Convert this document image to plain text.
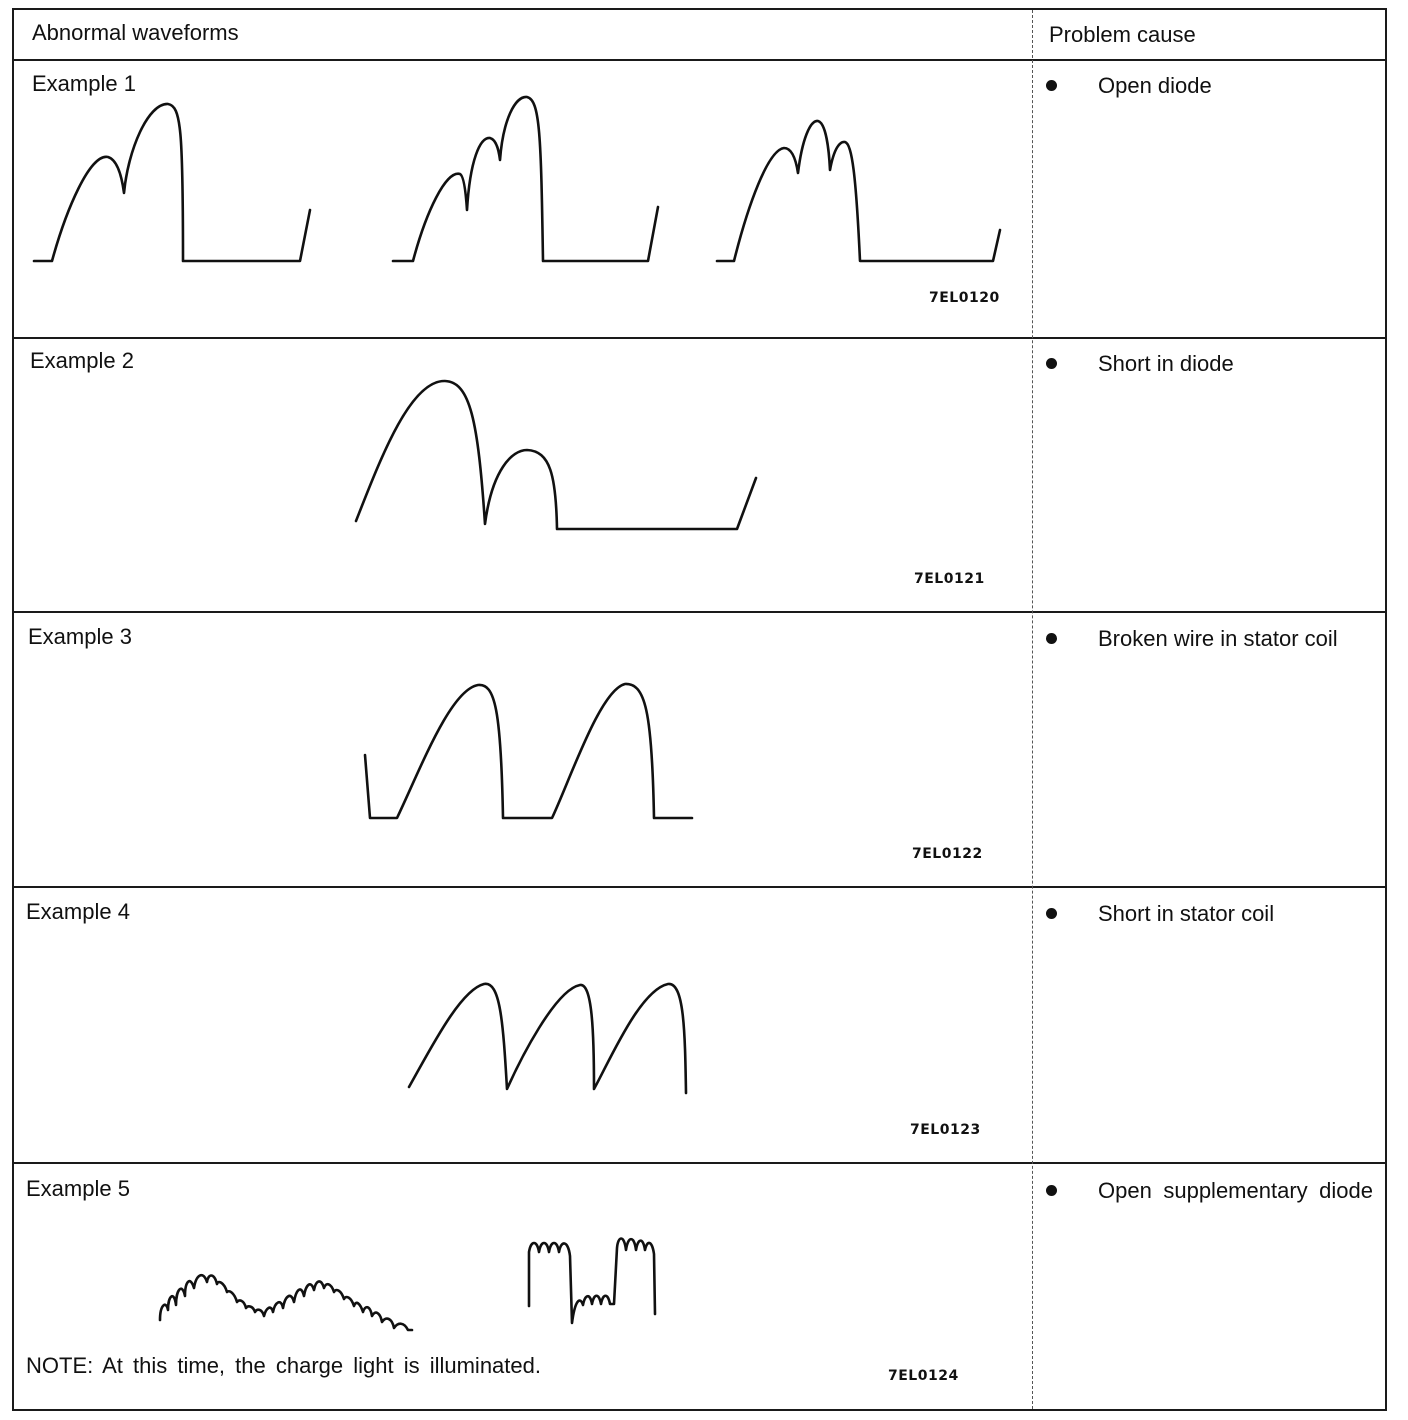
Abnormal waveforms	Problem cause
Example 1
7EL0120
Open diode
Example 2
7EL0121
Short in diode
Example 3
7EL0122
Broken wire in stator coil
Example 4
7EL0123
Short in stator coil
Example 5
NOTE: At this time, the charge light is illuminated.	7EL0124
Open supplementary diode
